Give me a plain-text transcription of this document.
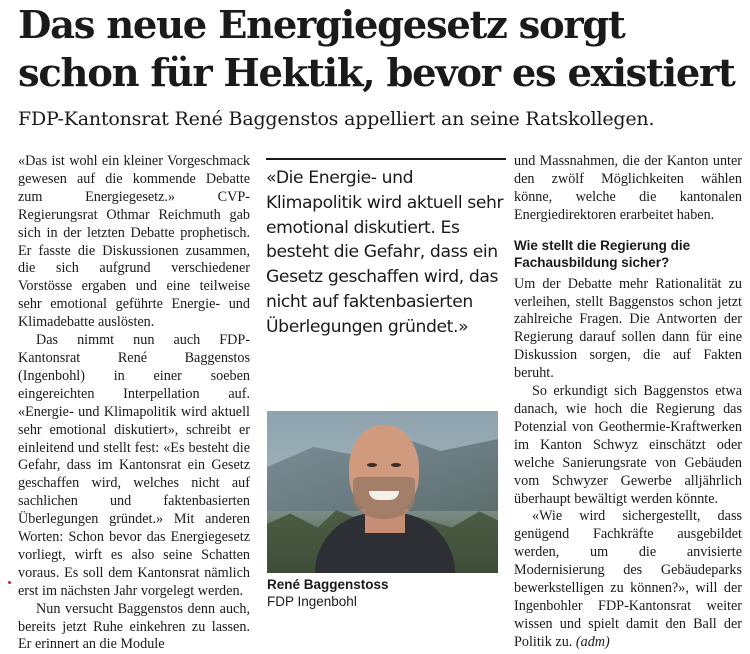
Das neue Energiegesetz sorgt schon für Hektik, bevor es existiert

FDP-Kantonsrat René Baggenstos appelliert an seine Ratskollegen.

«Das ist wohl ein kleiner Vorgeschmack gewesen auf die kommende Debatte zum Energiegesetz.» CVP-Regierungsrat Othmar Reichmuth gab sich in der letzten Debatte prophetisch. Er fasste die Diskussionen zusammen, die sich aufgrund verschiedener Vorstösse ergaben und eine teilweise sehr emotional geführte Energie- und Klimadebatte auslösten.

Das nimmt nun auch FDP-Kantonsrat René Baggenstos (Ingenbohl) in einer soeben eingereichten Interpellation auf. «Energie- und Klimapolitik wird aktuell sehr emotional diskutiert», schreibt er einleitend und stellt fest: «Es besteht die Gefahr, dass im Kantonsrat ein Gesetz geschaffen wird, welches nicht auf sachlichen und faktenbasierten Überlegungen gründet.» Mit anderen Worten: Schon bevor das Energiegesetz vorliegt, wirft es also seine Schatten voraus. Es soll dem Kantonsrat nämlich erst im nächsten Jahr vorgelegt werden.

Nun versucht Baggenstos denn auch, bereits jetzt Ruhe einkehren zu lassen. Er erinnert an die Module

«Die Energie- und Klimapolitik wird aktuell sehr emotional diskutiert. Es besteht die Gefahr, dass ein Gesetz geschaffen wird, das nicht auf faktenbasierten Überlegungen gründet.»
René Baggenstoss
FDP Ingenbohl

und Massnahmen, die der Kanton unter den zwölf Möglichkeiten wählen könne, welche die kantonalen Energiedirektoren erarbeitet haben.

Wie stellt die Regierung die Fachausbildung sicher?

Um der Debatte mehr Rationalität zu verleihen, stellt Baggenstos schon jetzt zahlreiche Fragen. Die Antworten der Regierung darauf sollen dann für eine Diskussion sorgen, die auf Fakten beruht.

So erkundigt sich Baggenstos etwa danach, wie hoch die Regierung das Potenzial von Geothermie-Kraftwerken im Kanton Schwyz einschätzt oder welche Sanierungsrate von Gebäuden vom Schwyzer Gewerbe alljährlich überhaupt bewältigt werden könnte.

«Wie wird sichergestellt, dass genügend Fachkräfte ausgebildet werden, um die anvisierte Modernisierung des Gebäudeparks bewerkstelligen zu können?», will der Ingenbohler FDP-Kantonsrat weiter wissen und spielt damit den Ball der Politik zu. (adm)
